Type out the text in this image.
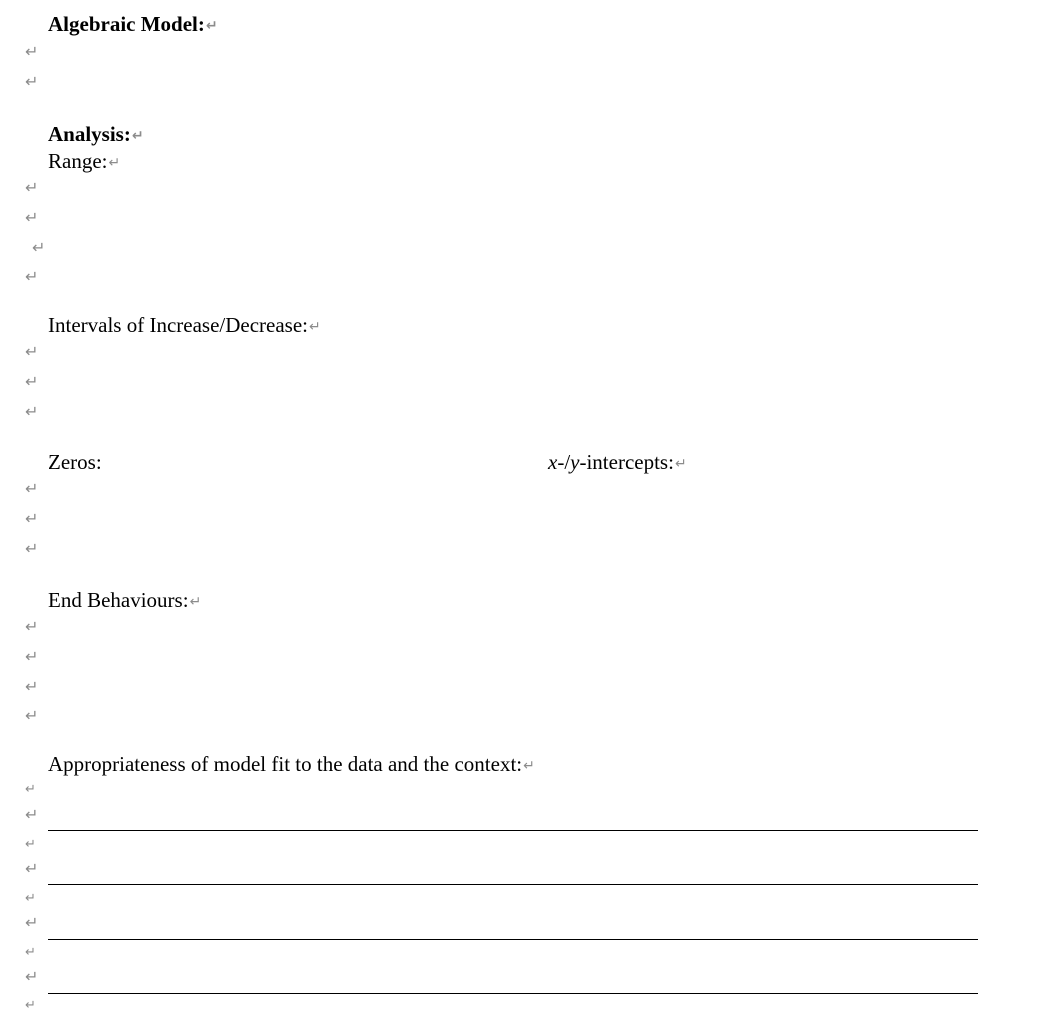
Algebraic Model:↵
↵
↵
Analysis:↵
Range:↵
↵
↵
↵
↵
Intervals of Increase/Decrease:↵
↵
↵
↵
Zeros:	x-/y-intercepts:↵
↵
↵
↵
End Behaviours:↵
↵
↵
↵
↵
Appropriateness of model fit to the data and the context:↵
↵
↵
↵
↵
↵
↵
↵
↵
↵
